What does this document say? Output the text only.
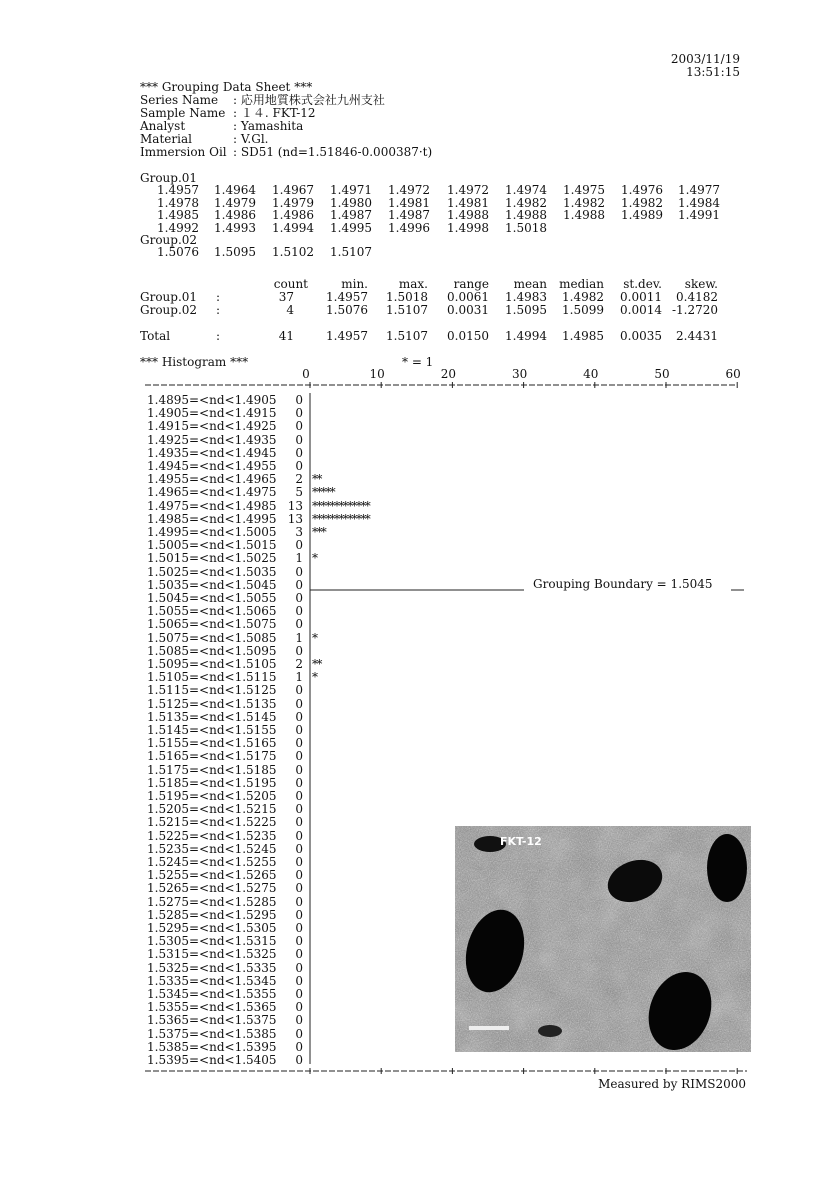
2003/11/19
13:51:15
*** Grouping Data Sheet ***
Series Name : 応用地質株式会社九州支社
Sample Name : １４. FKT-12
Analyst : Yamashita
Material : V.Gl.
Immersion Oil : SD51 (nd=1.51846-0.000387·t)
Group.01
1.4957 1.4964 1.4967 1.4971 1.4972 1.4972 1.4974 1.4975 1.4976 1.4977
1.4978 1.4979 1.4979 1.4980 1.4981 1.4981 1.4982 1.4982 1.4982 1.4984
1.4985 1.4986 1.4986 1.4987 1.4987 1.4988 1.4988 1.4988 1.4989 1.4991
1.4992 1.4993 1.4994 1.4995 1.4996 1.4998 1.5018
Group.02
1.5076 1.5095 1.5102 1.5107
count	min.	max. range mean median st.dev. skew.
Group.01 :	37	1.4957 1.5018 0.0061 1.4983 1.4982 0.0011 0.4182
Group.02 :	4	1.5076 1.5107 0.0031 1.5095 1.5099 0.0014 -1.2720
Total	:	41	1.4957 1.5107 0.0150 1.4994 1.4985 0.0035 2.4431
*** Histogram ***	* = 1
0	10	20	30	40	50	60
1.4895=<nd<1.4905	0
1.4905=<nd<1.4915	0
1.4915=<nd<1.4925	0
1.4925=<nd<1.4935	0
1.4935=<nd<1.4945	0
1.4945=<nd<1.4955	0
1.4955=<nd<1.4965	2 **
1.4965=<nd<1.4975	5 *****
1.4975=<nd<1.4985 13 *************
1.4985=<nd<1.4995 13 *************
1.4995=<nd<1.5005	3 ***
1.5005=<nd<1.5015	0
1.5015=<nd<1.5025	1 *
1.5025=<nd<1.5035	0
1.5035=<nd<1.5045	0
1.5045=<nd<1.5055	0
1.5055=<nd<1.5065	0
1.5065=<nd<1.5075	0
1.5075=<nd<1.5085	1 *
1.5085=<nd<1.5095	0
1.5095=<nd<1.5105	2 **
1.5105=<nd<1.5115	1 *
1.5115=<nd<1.5125	0
1.5125=<nd<1.5135	0
1.5135=<nd<1.5145	0
1.5145=<nd<1.5155	0
1.5155=<nd<1.5165	0
1.5165=<nd<1.5175	0
1.5175=<nd<1.5185	0
1.5185=<nd<1.5195	0
1.5195=<nd<1.5205	0
1.5205=<nd<1.5215	0
1.5215=<nd<1.5225	0
1.5225=<nd<1.5235	0
1.5235=<nd<1.5245	0
1.5245=<nd<1.5255	0
1.5255=<nd<1.5265	0
1.5265=<nd<1.5275	0
1.5275=<nd<1.5285	0
1.5285=<nd<1.5295	0
1.5295=<nd<1.5305	0
1.5305=<nd<1.5315	0
1.5315=<nd<1.5325	0
1.5325=<nd<1.5335	0
1.5335=<nd<1.5345	0
1.5345=<nd<1.5355	0
1.5355=<nd<1.5365	0
1.5365=<nd<1.5375	0
1.5375=<nd<1.5385	0
1.5385=<nd<1.5395	0
1.5395=<nd<1.5405	0
Grouping Boundary = 1.5045
FKT-12
Measured by RIMS2000
